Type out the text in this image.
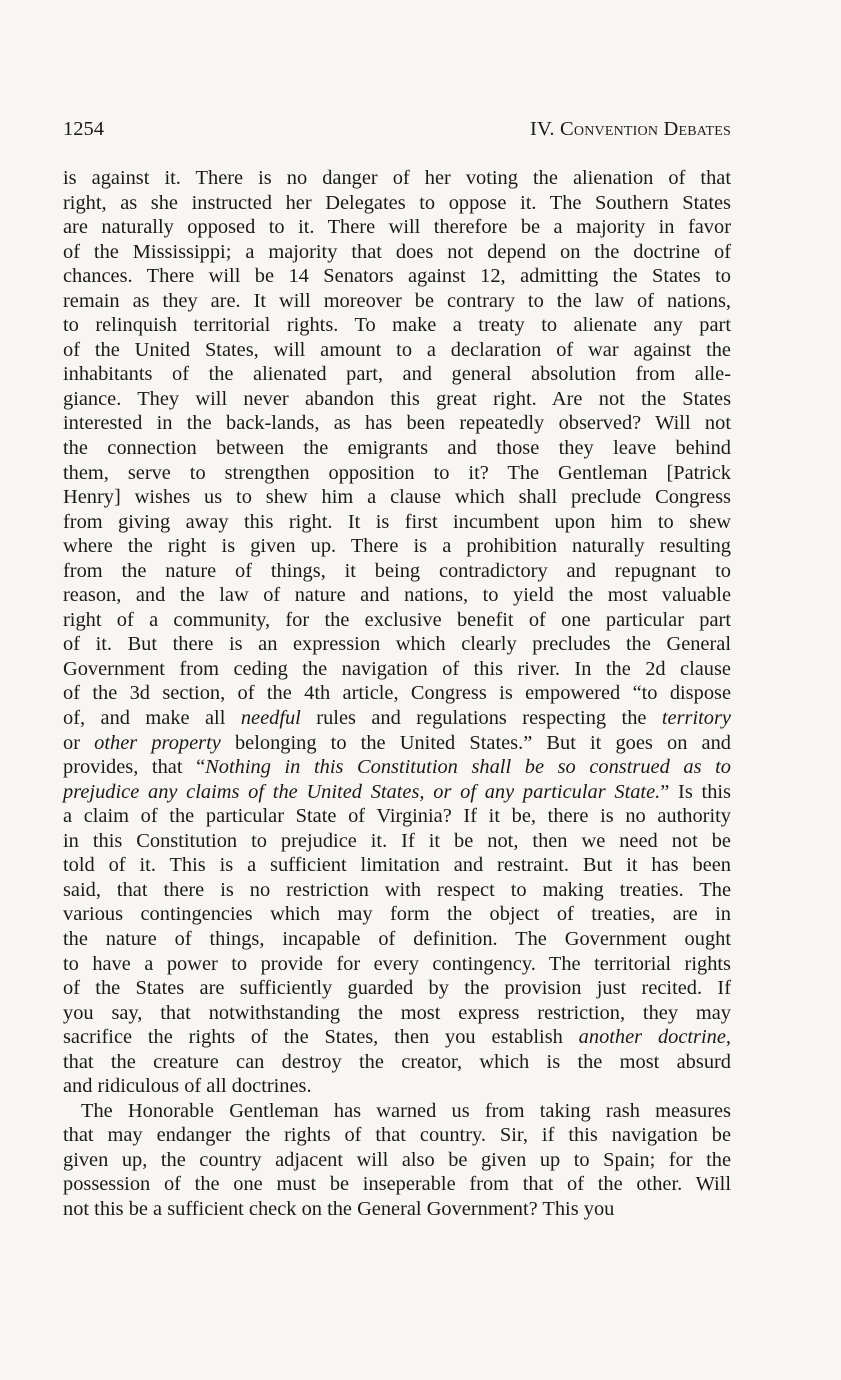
1254	IV. Convention Debates

is against it. There is no danger of her voting the alienation of that
right, as she instructed her Delegates to oppose it. The Southern States
are naturally opposed to it. There will therefore be a majority in favor
of the Mississippi; a majority that does not depend on the doctrine of
chances. There will be 14 Senators against 12, admitting the States to
remain as they are. It will moreover be contrary to the law of nations,
to relinquish territorial rights. To make a treaty to alienate any part
of the United States, will amount to a declaration of war against the
inhabitants of the alienated part, and general absolution from alle-
giance. They will never abandon this great right. Are not the States
interested in the back-lands, as has been repeatedly observed? Will not
the connection between the emigrants and those they leave behind
them, serve to strengthen opposition to it? The Gentleman [Patrick
Henry] wishes us to shew him a clause which shall preclude Congress
from giving away this right. It is first incumbent upon him to shew
where the right is given up. There is a prohibition naturally resulting
from the nature of things, it being contradictory and repugnant to
reason, and the law of nature and nations, to yield the most valuable
right of a community, for the exclusive benefit of one particular part
of it. But there is an expression which clearly precludes the General
Government from ceding the navigation of this river. In the 2d clause
of the 3d section, of the 4th article, Congress is empowered “to dispose
of, and make all needful rules and regulations respecting the territory
or other property belonging to the United States.” But it goes on and
provides, that “Nothing in this Constitution shall be so construed as to
prejudice any claims of the United States, or of any particular State.” Is this
a claim of the particular State of Virginia? If it be, there is no authority
in this Constitution to prejudice it. If it be not, then we need not be
told of it. This is a sufficient limitation and restraint. But it has been
said, that there is no restriction with respect to making treaties. The
various contingencies which may form the object of treaties, are in
the nature of things, incapable of definition. The Government ought
to have a power to provide for every contingency. The territorial rights
of the States are sufficiently guarded by the provision just recited. If
you say, that notwithstanding the most express restriction, they may
sacrifice the rights of the States, then you establish another doctrine,
that the creature can destroy the creator, which is the most absurd
and ridiculous of all doctrines.

The Honorable Gentleman has warned us from taking rash measures
that may endanger the rights of that country. Sir, if this navigation be
given up, the country adjacent will also be given up to Spain; for the
possession of the one must be inseperable from that of the other. Will
not this be a sufficient check on the General Government? This you
